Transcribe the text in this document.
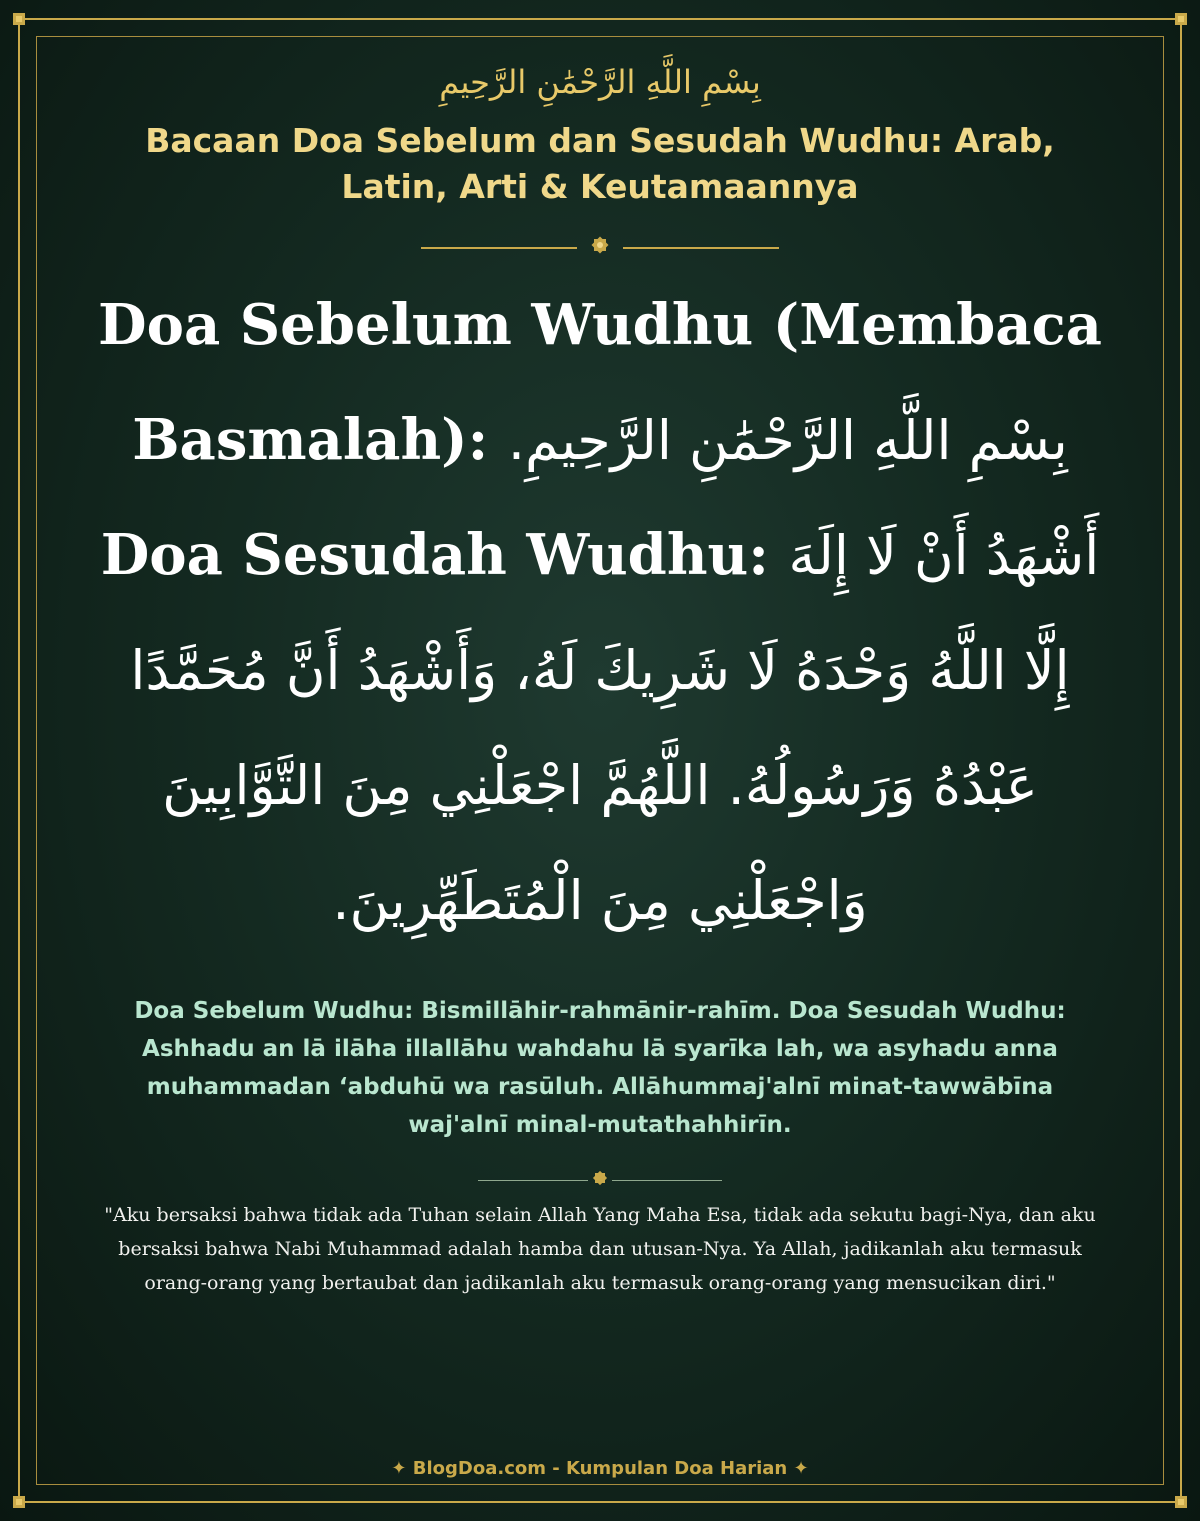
بِسْمِ اللَّهِ الرَّحْمَٰنِ الرَّحِيمِ
Bacaan Doa Sebelum dan Sesudah Wudhu: Arab, Latin, Arti & Keutamaannya
Doa Sebelum Wudhu (Membaca Basmalah): بِسْمِ اللَّهِ الرَّحْمَٰنِ الرَّحِيمِ. Doa Sesudah Wudhu: أَشْهَدُ أَنْ لَا إِلَهَ إِلَّا اللَّهُ وَحْدَهُ لَا شَرِيكَ لَهُ، وَأَشْهَدُ أَنَّ مُحَمَّدًا عَبْدُهُ وَرَسُولُهُ. اللَّهُمَّ اجْعَلْنِي مِنَ التَّوَّابِينَ وَاجْعَلْنِي مِنَ الْمُتَطَهِّرِينَ.
Doa Sebelum Wudhu: Bismillāhir-rahmānir-rahīm. Doa Sesudah Wudhu: Ashhadu an lā ilāha illallāhu wahdahu lā syarīka lah, wa asyhadu anna muhammadan ‘abduhū wa rasūluh. Allāhummaj'alnī minat-tawwābīna waj'alnī minal-mutathahhirīn.
"Aku bersaksi bahwa tidak ada Tuhan selain Allah Yang Maha Esa, tidak ada sekutu bagi-Nya, dan aku bersaksi bahwa Nabi Muhammad adalah hamba dan utusan-Nya. Ya Allah, jadikanlah aku termasuk orang-orang yang bertaubat dan jadikanlah aku termasuk orang-orang yang mensucikan diri."
✦ BlogDoa.com - Kumpulan Doa Harian ✦
